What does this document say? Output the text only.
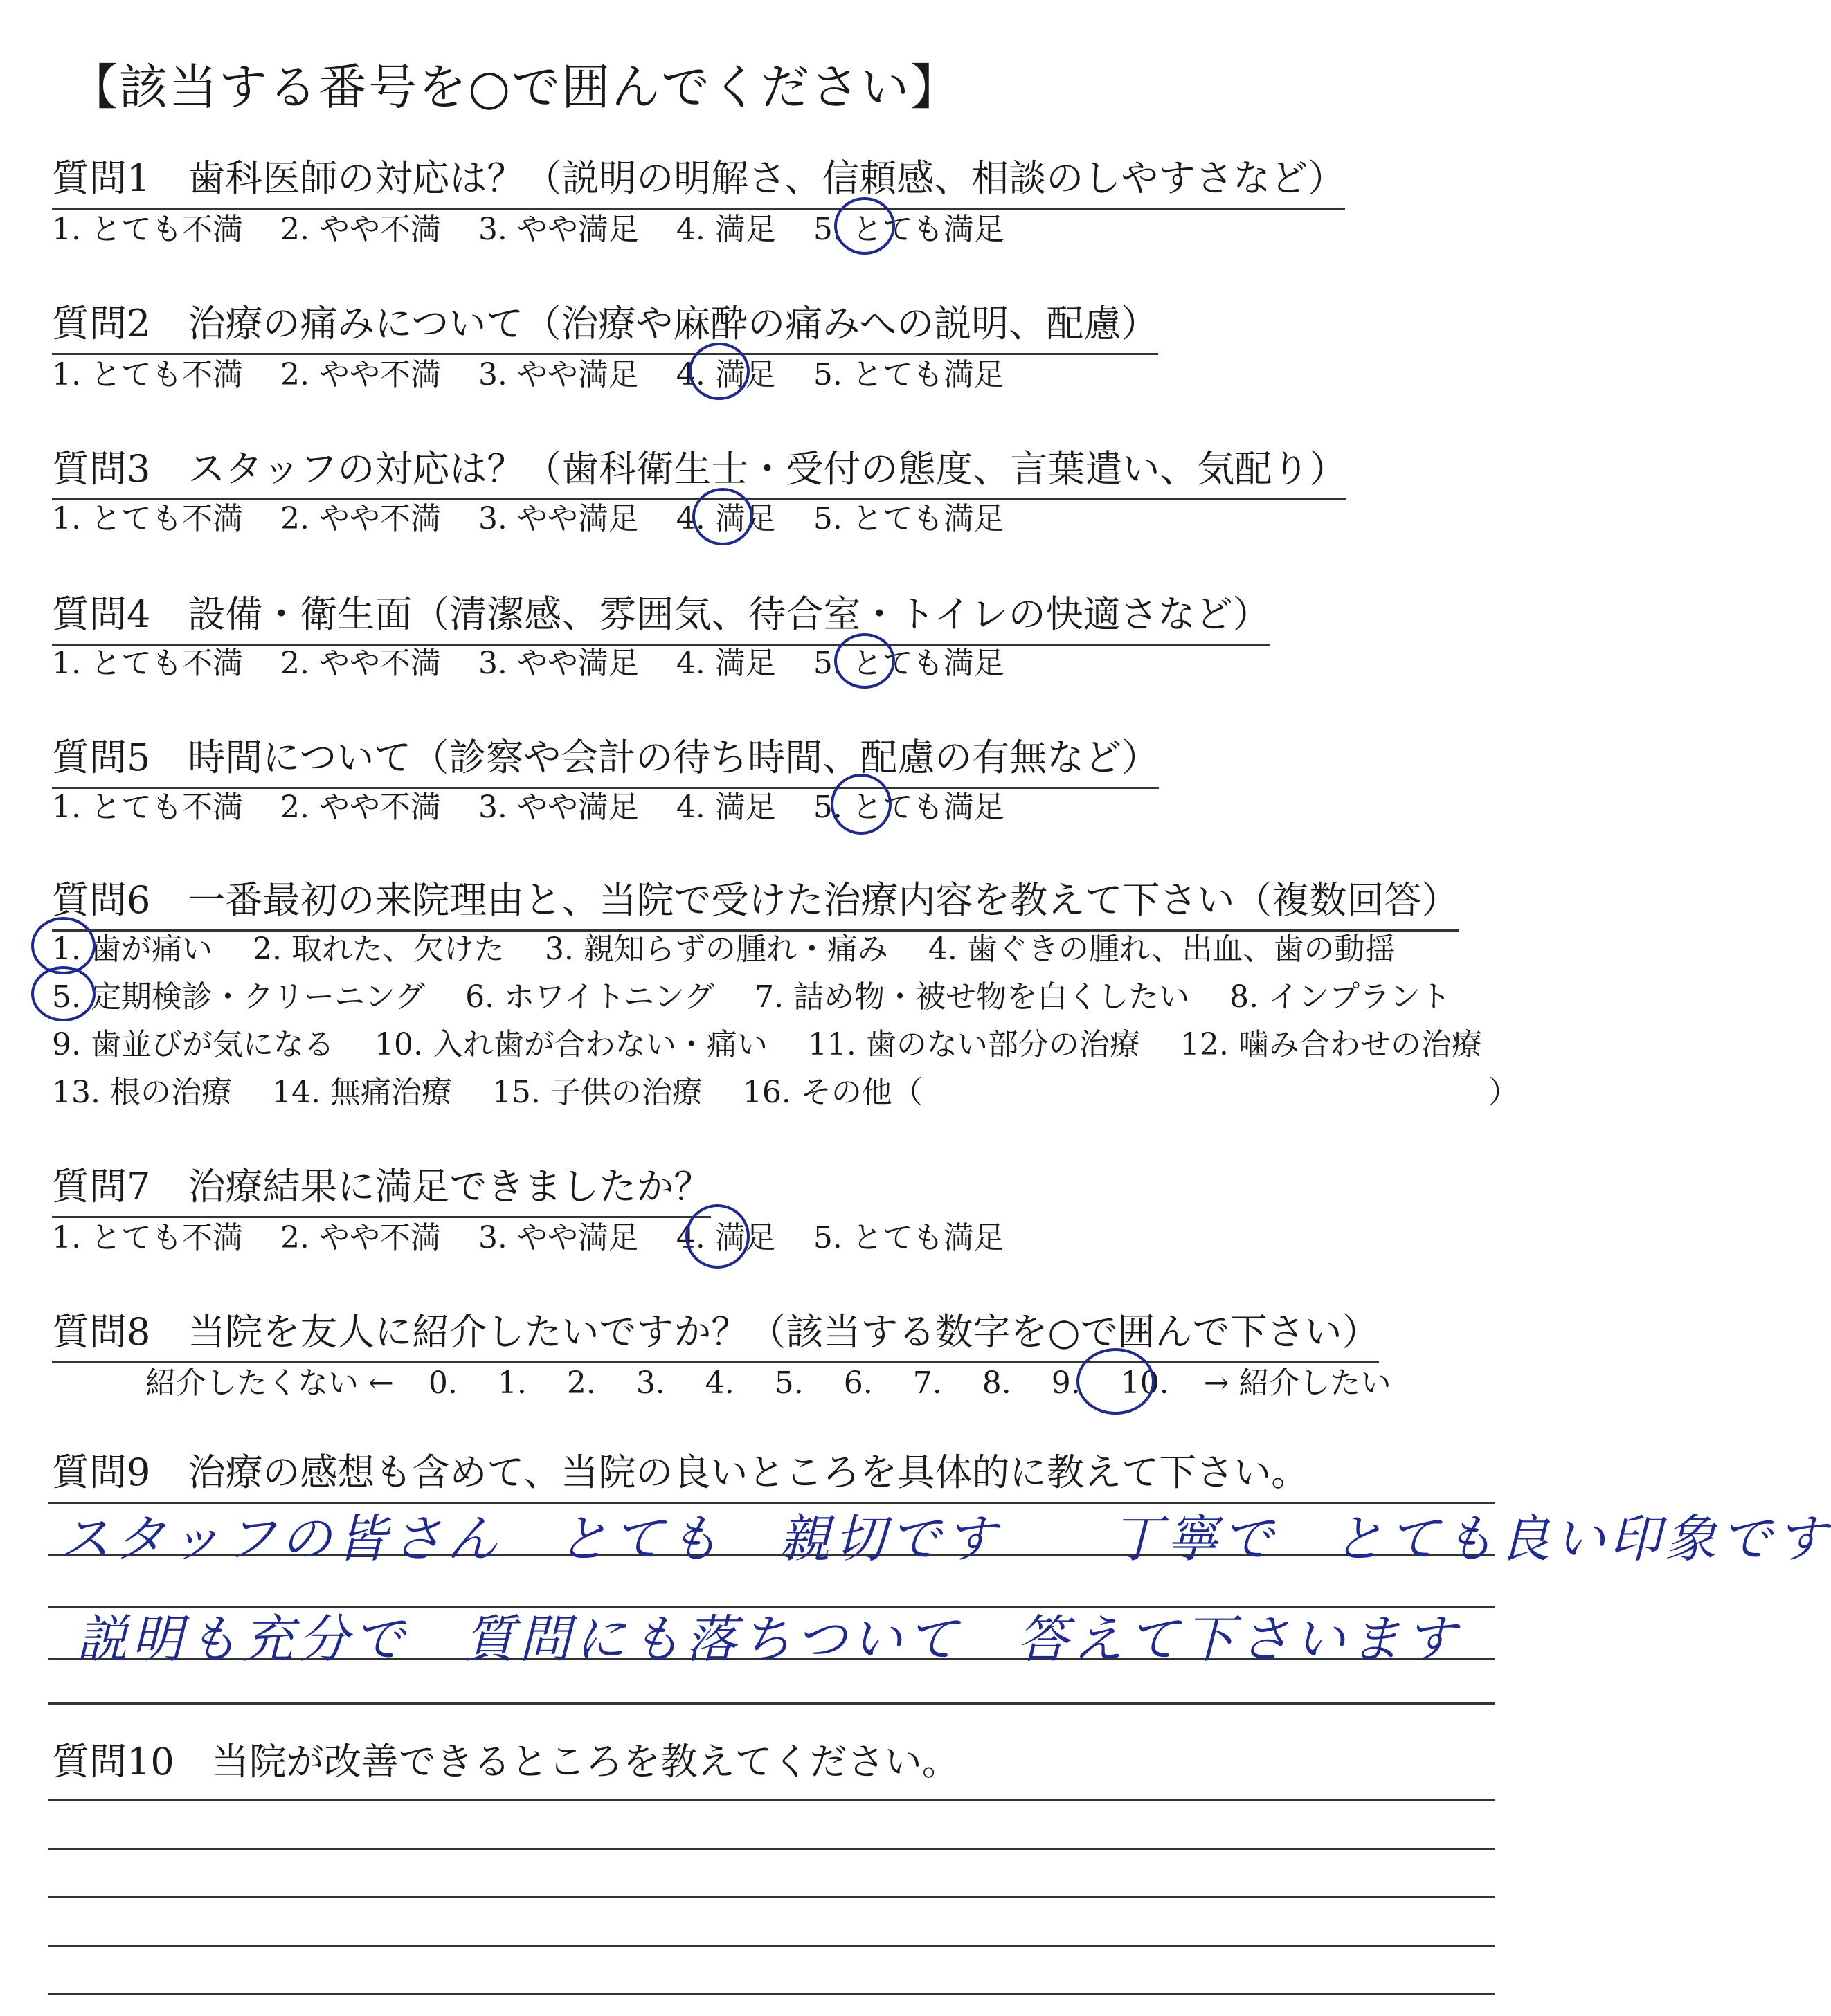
【該当する番号を○で囲んでください】
質問1　歯科医師の対応は？（説明の明解さ、信頼感、相談のしやすさなど）
1. とても不満 2. やや不満 3. やや満足 4. 満足 5. とても満足
質問2　治療の痛みについて（治療や麻酔の痛みへの説明、配慮）
1. とても不満 2. やや不満 3. やや満足 4. 満足 5. とても満足
質問3　スタッフの対応は？（歯科衛生士・受付の態度、言葉遣い、気配り）
1. とても不満 2. やや不満 3. やや満足 4. 満足 5. とても満足
質問4　設備・衛生面（清潔感、雰囲気、待合室・トイレの快適さなど）
1. とても不満 2. やや不満 3. やや満足 4. 満足 5. とても満足
質問5　時間について（診察や会計の待ち時間、配慮の有無など）
1. とても不満 2. やや不満 3. やや満足 4. 満足 5. とても満足
質問6　一番最初の来院理由と、当院で受けた治療内容を教えて下さい（複数回答）
1. 歯が痛い 2. 取れた、欠けた 3. 親知らずの腫れ・痛み 4. 歯ぐきの腫れ、出血、歯の動揺
5. 定期検診・クリーニング 6. ホワイトニング 7. 詰め物・被せ物を白くしたい 8. インプラント
9. 歯並びが気になる 10. 入れ歯が合わない・痛い 11. 歯のない部分の治療 12. 噛み合わせの治療
13. 根の治療 14. 無痛治療 15. 子供の治療 16. その他（	）
質問7　治療結果に満足できましたか？
1. とても不満 2. やや不満 3. やや満足 4. 満足 5. とても満足
質問8　当院を友人に紹介したいですか？（該当する数字を○で囲んで下さい）
紹介したくない ← 0. 1. 2. 3. 4. 5. 6. 7. 8. 9. 10. → 紹介したい
質問9　治療の感想も含めて、当院の良いところを具体的に教えて下さい。
スタッフの皆さん　とても　親切です　　丁寧で　とても良い印象です
説明も充分で　質問にも落ちついて　答えて下さいます
質問10　当院が改善できるところを教えてください。
